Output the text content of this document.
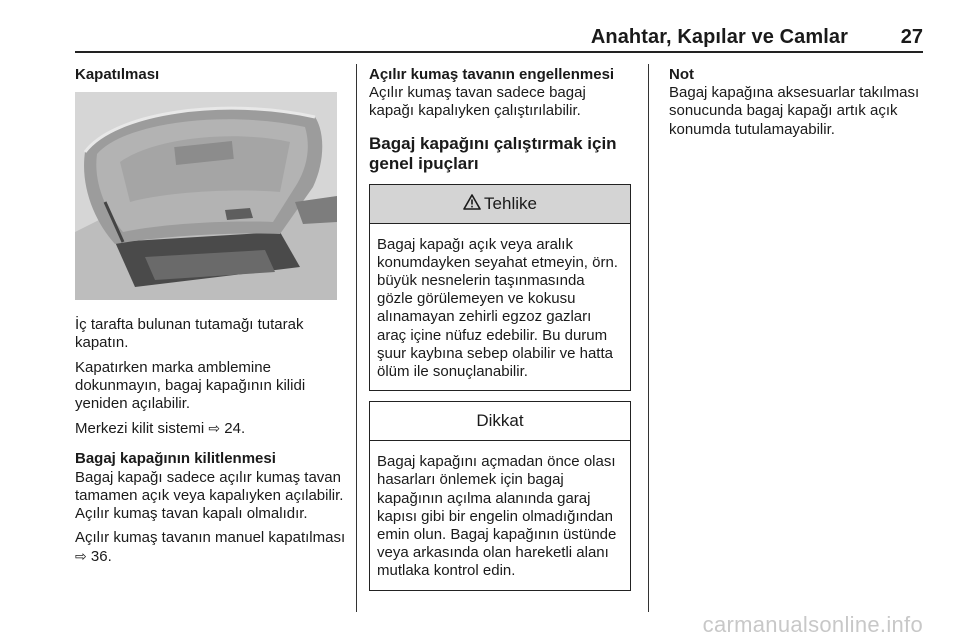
Anahtar, Kapılar ve Camlar	27

Kapatılması

İç tarafta bulunan tutamağı tutarak kapatın.

Kapatırken marka amblemine dokunmayın, bagaj kapağının kilidi yeniden açılabilir.

Merkezi kilit sistemi ⇨ 24.

Bagaj kapağının kilitlenmesi

Bagaj kapağı sadece açılır kumaş tavan tamamen açık veya kapalıyken açılabilir. Açılır kumaş tavan kapalı olmalıdır.

Açılır kumaş tavanın manuel kapatılması ⇨ 36.

Açılır kumaş tavanın engellenmesi

Açılır kumaş tavan sadece bagaj kapağı kapalıyken çalıştırılabilir.

Bagaj kapağını çalıştırmak için genel ipuçları
Tehlike
Bagaj kapağı açık veya aralık konumdayken seyahat etmeyin, örn. büyük nesnelerin taşınmasında gözle görülemeyen ve kokusu alınamayan zehirli egzoz gazları araç içine nüfuz edebilir. Bu durum şuur kaybına sebep olabilir ve hatta ölüm ile sonuçlanabilir.
Dikkat
Bagaj kapağını açmadan önce olası hasarları önlemek için bagaj kapağının açılma alanında garaj kapısı gibi bir engelin olmadığından emin olun. Bagaj kapağının üstünde veya arkasında olan hareketli alanı mutlaka kontrol edin.

Not

Bagaj kapağına aksesuarlar takılması sonucunda bagaj kapağı artık açık konumda tutulamayabilir.

carmanualsonline.info
